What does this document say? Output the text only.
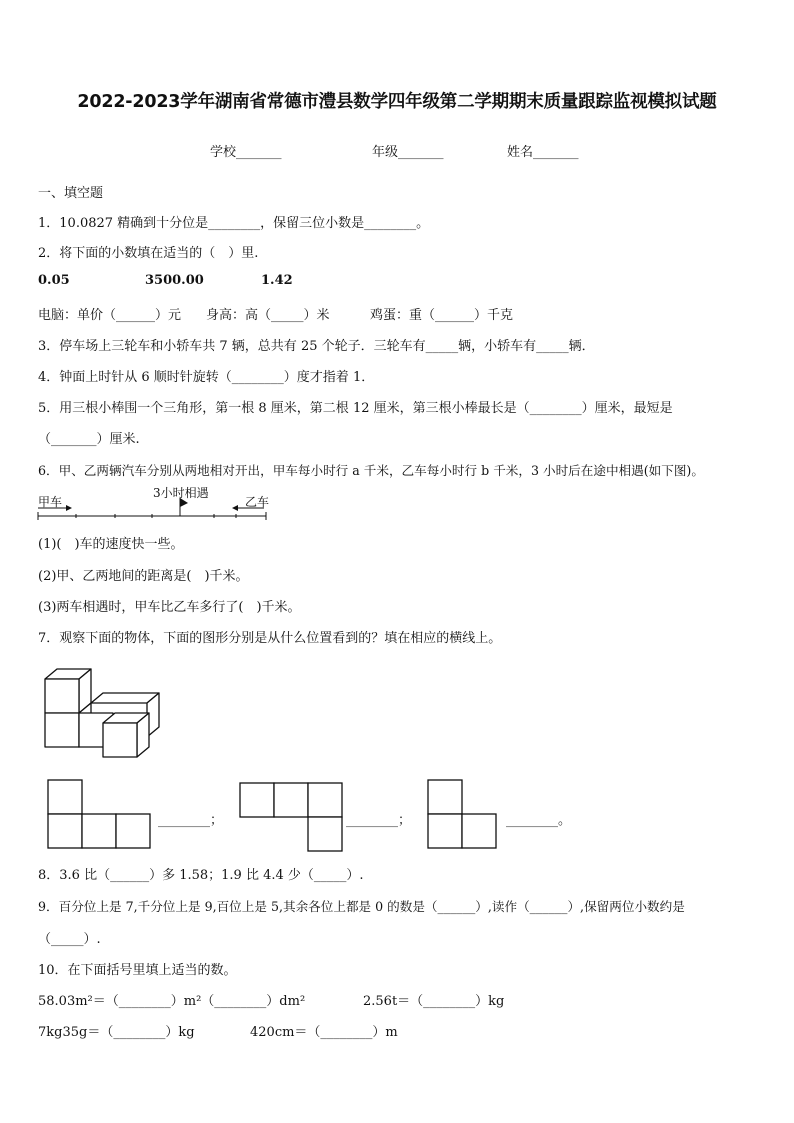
2022-2023学年湖南省常德市澧县数学四年级第二学期期末质量跟踪监视模拟试题
学校_______	年级_______	姓名_______
一、填空题
1．10.0827 精确到十分位是________，保留三位小数是________。
2．将下面的小数填在适当的（　）里.
0.05	3500.00	1.42
电脑：单价（______）元 身高：高（_____）米	鸡蛋：重（______）千克
3．停车场上三轮车和小轿车共 7 辆，总共有 25 个轮子．三轮车有_____辆，小轿车有_____辆．
4．钟面上时针从 6 顺时针旋转（________）度才指着 1．
5．用三根小棒围一个三角形，第一根 8 厘米，第二根 12 厘米，第三根小棒最长是（________）厘米，最短是
（_______）厘米.
6．甲、乙两辆汽车分别从两地相对开出，甲车每小时行 a 千米，乙车每小时行 b 千米，3 小时后在途中相遇(如下图)。
甲车
3小时相遇
乙车
(1)(　)车的速度快一些。
(2)甲、乙两地间的距离是(　)千米。
(3)两车相遇时，甲车比乙车多行了(　)千米。
7．观察下面的物体，下面的图形分别是从什么位置看到的？填在相应的横线上。
________；	________；	________。
8．3.6 比（______）多 1.58；1.9 比 4.4 少（_____）.
9．百分位上是 7,千分位上是 9,百位上是 5,其余各位上都是 0 的数是（______）,读作（______）,保留两位小数约是
（_____）.
10．在下面括号里填上适当的数。
58.03m²＝（________）m²（________）dm²	2.56t＝（________）kg
7kg35g＝（________）kg	420cm＝（________）m
